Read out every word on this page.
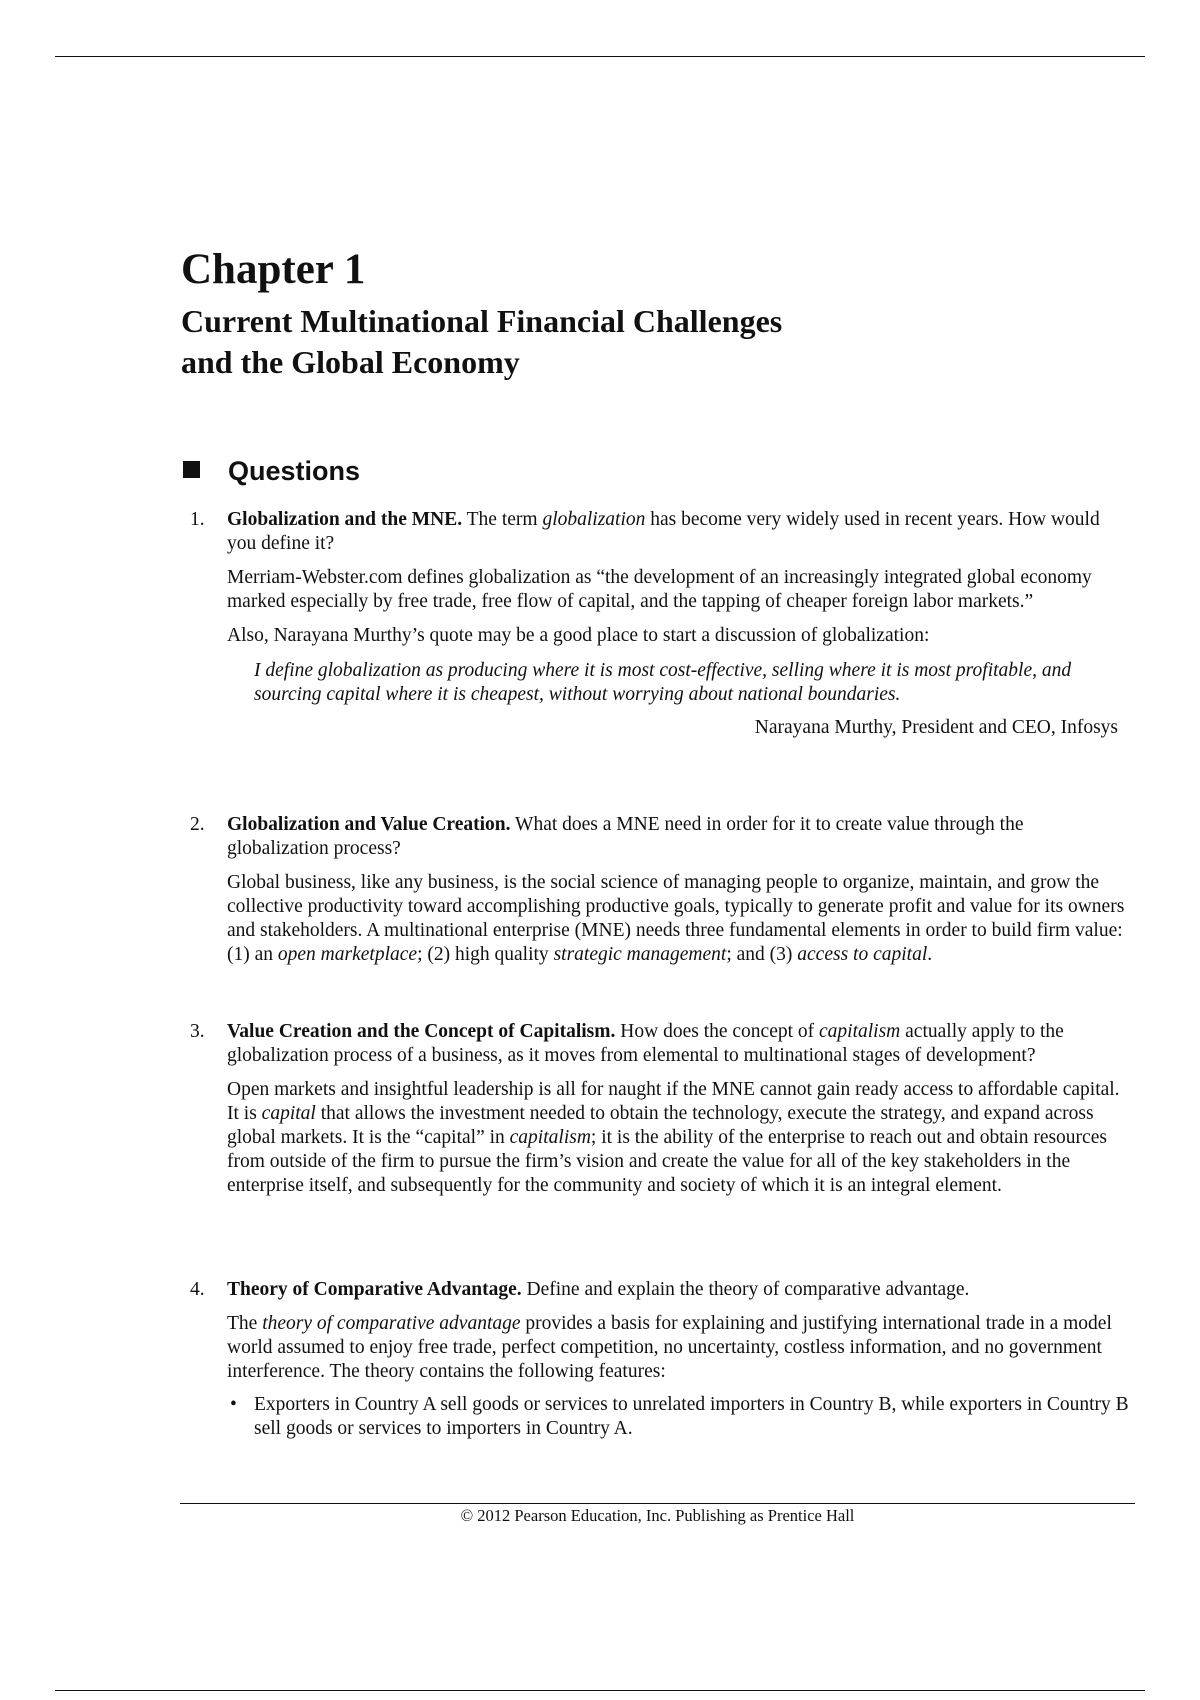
Chapter 1
Current Multinational Financial Challenges
and the Global Economy
Questions
1. Globalization and the MNE. The term globalization has become very widely used in recent years. How would you define it?

Merriam-Webster.com defines globalization as “the development of an increasingly integrated global economy marked especially by free trade, free flow of capital, and the tapping of cheaper foreign labor markets.”

Also, Narayana Murthy’s quote may be a good place to start a discussion of globalization:

I define globalization as producing where it is most cost-effective, selling where it is most profitable, and sourcing capital where it is cheapest, without worrying about national boundaries.

Narayana Murthy, President and CEO, Infosys

2. Globalization and Value Creation. What does a MNE need in order for it to create value through the globalization process?

Global business, like any business, is the social science of managing people to organize, maintain, and grow the collective productivity toward accomplishing productive goals, typically to generate profit and value for its owners and stakeholders. A multinational enterprise (MNE) needs three fundamental elements in order to build firm value: (1) an open marketplace; (2) high quality strategic management; and (3) access to capital.

3. Value Creation and the Concept of Capitalism. How does the concept of capitalism actually apply to the globalization process of a business, as it moves from elemental to multinational stages of development?

Open markets and insightful leadership is all for naught if the MNE cannot gain ready access to affordable capital. It is capital that allows the investment needed to obtain the technology, execute the strategy, and expand across global markets. It is the “capital” in capitalism; it is the ability of the enterprise to reach out and obtain resources from outside of the firm to pursue the firm’s vision and create the value for all of the key stakeholders in the enterprise itself, and subsequently for the community and society of which it is an integral element.

4. Theory of Comparative Advantage. Define and explain the theory of comparative advantage.

The theory of comparative advantage provides a basis for explaining and justifying international trade in a model world assumed to enjoy free trade, perfect competition, no uncertainty, costless information, and no government interference. The theory contains the following features:

• Exporters in Country A sell goods or services to unrelated importers in Country B, while exporters in Country B sell goods or services to importers in Country A.

© 2012 Pearson Education, Inc. Publishing as Prentice Hall
